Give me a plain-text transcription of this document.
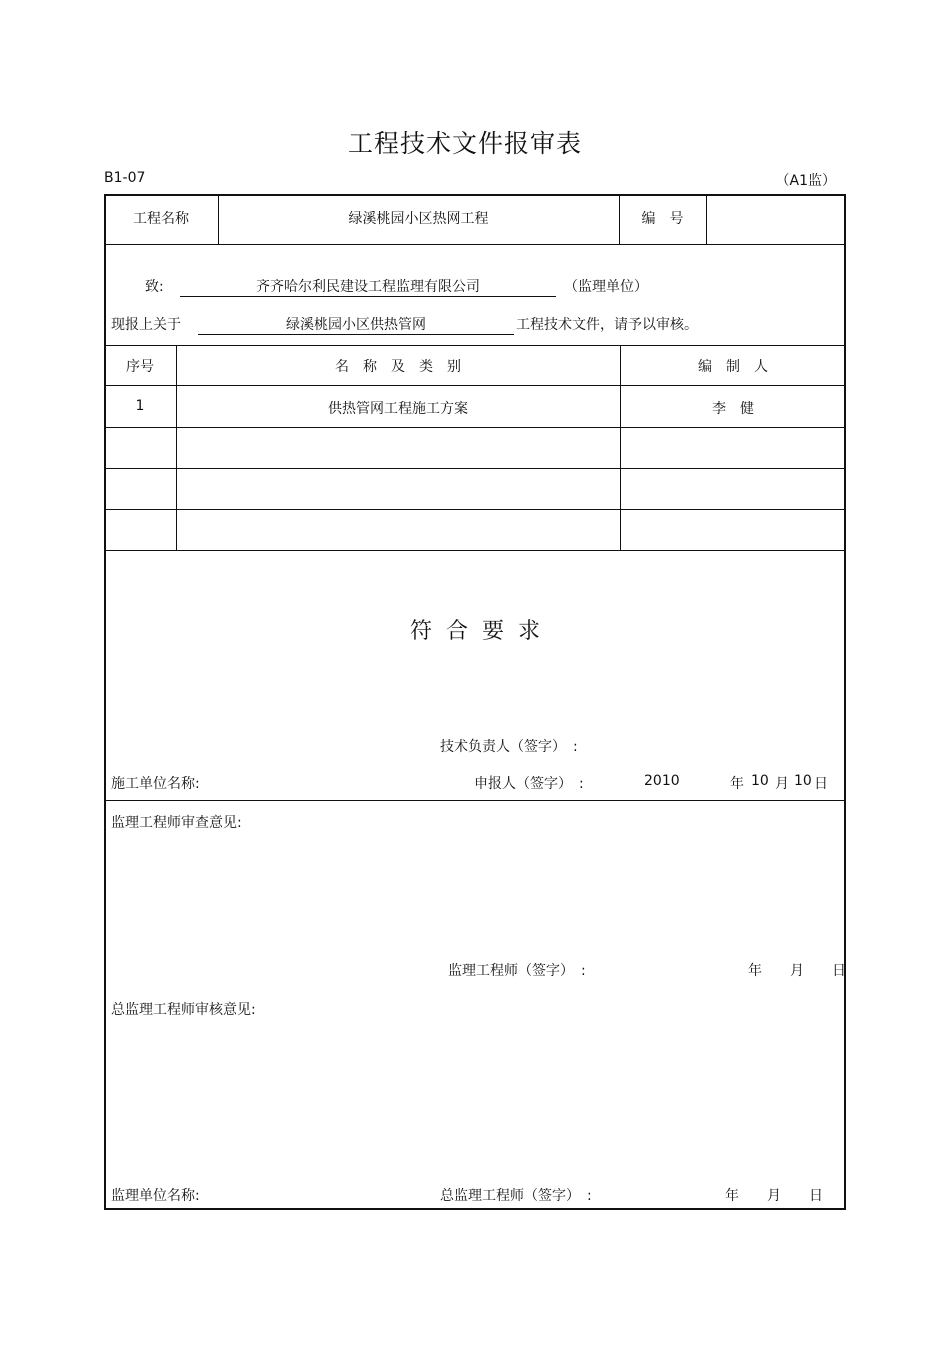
工程技术文件报审表
B1-07	（A1监）
工程名称	绿溪桃园小区热网工程	编　号
致:	齐齐哈尔利民建设工程监理有限公司	（监理单位）
现报上关于	绿溪桃园小区供热管网	工程技术文件，请予以审核。
序号	名　称　及　类　别	编　制　人
1	供热管网工程施工方案	李　健
符合要求
技术负责人（签字）　:
施工单位名称:	申报人（签字）　:	2010	年 10 月 10 日
监理工程师审查意见:
监理工程师（签字）　:	年　　月　　日
总监理工程师审核意见:
监理单位名称:	总监理工程师（签字）　:	年　　月　　日
